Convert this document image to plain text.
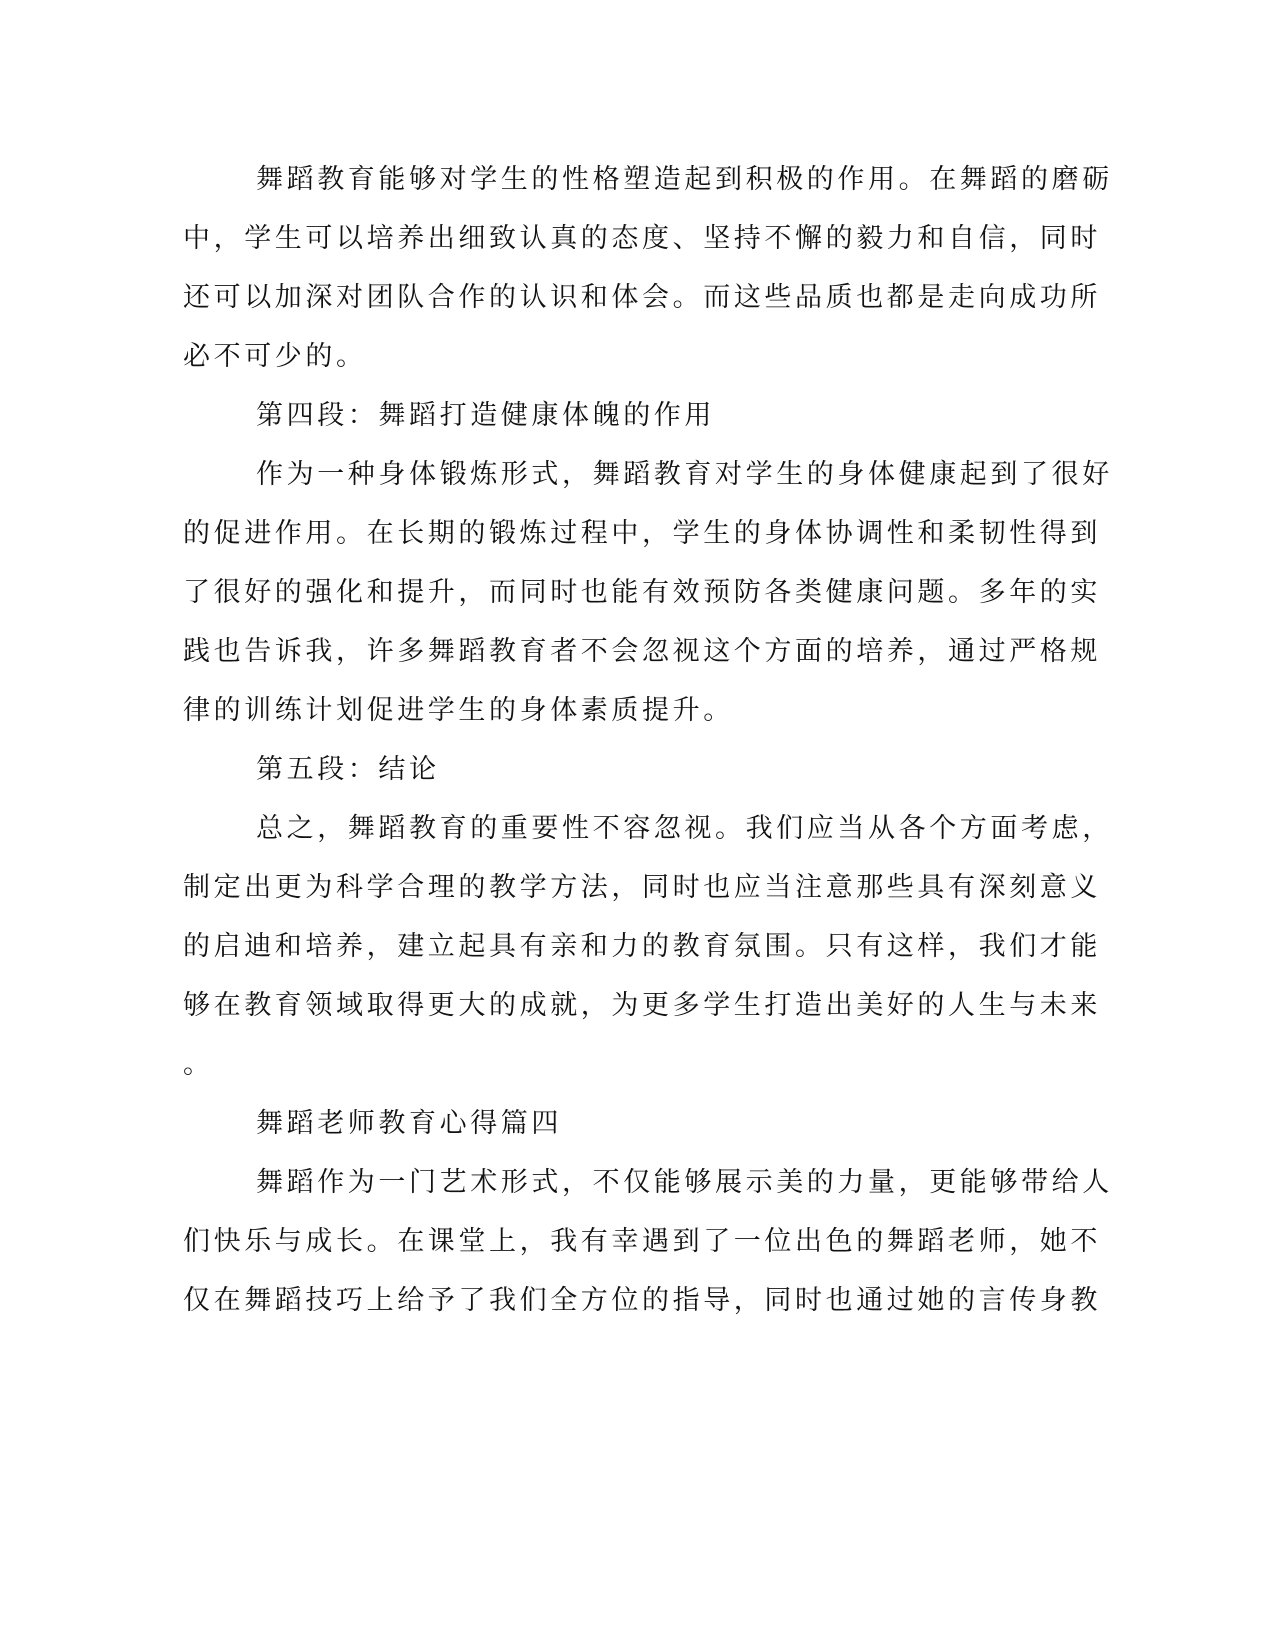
舞蹈教育能够对学生的性格塑造起到积极的作用。在舞蹈的磨砺
中，学生可以培养出细致认真的态度、坚持不懈的毅力和自信，同时
还可以加深对团队合作的认识和体会。而这些品质也都是走向成功所
必不可少的。
第四段：舞蹈打造健康体魄的作用
作为一种身体锻炼形式，舞蹈教育对学生的身体健康起到了很好
的促进作用。在长期的锻炼过程中，学生的身体协调性和柔韧性得到
了很好的强化和提升，而同时也能有效预防各类健康问题。多年的实
践也告诉我，许多舞蹈教育者不会忽视这个方面的培养，通过严格规
律的训练计划促进学生的身体素质提升。
第五段：结论
总之，舞蹈教育的重要性不容忽视。我们应当从各个方面考虑，
制定出更为科学合理的教学方法，同时也应当注意那些具有深刻意义
的启迪和培养，建立起具有亲和力的教育氛围。只有这样，我们才能
够在教育领域取得更大的成就，为更多学生打造出美好的人生与未来
。
舞蹈老师教育心得篇四
舞蹈作为一门艺术形式，不仅能够展示美的力量，更能够带给人
们快乐与成长。在课堂上，我有幸遇到了一位出色的舞蹈老师，她不
仅在舞蹈技巧上给予了我们全方位的指导，同时也通过她的言传身教
